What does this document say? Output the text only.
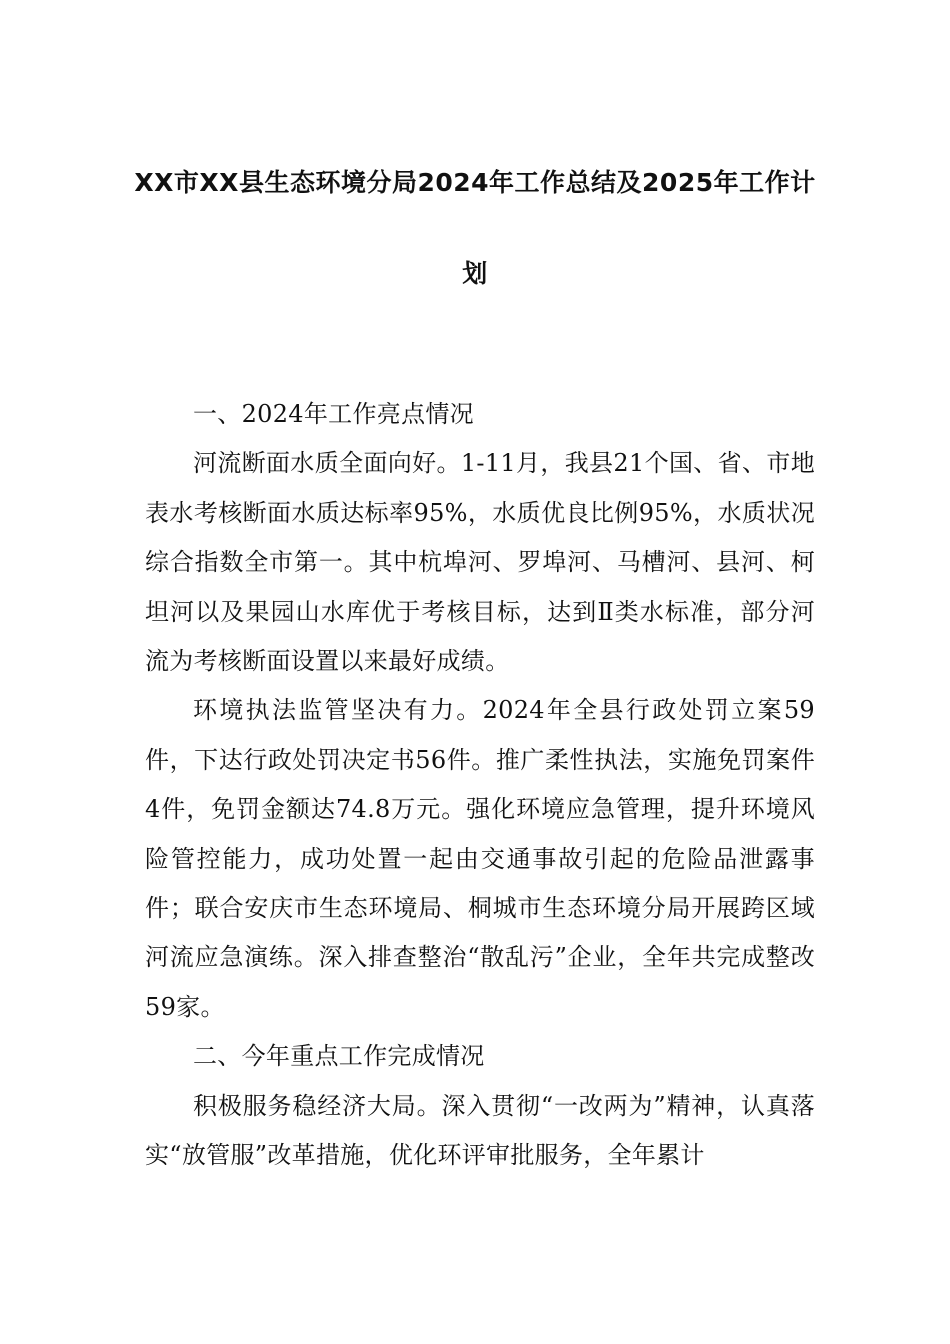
XX市XX县生态环境分局2024年工作总结及2025年工作计
划

一、2024年工作亮点情况

河流断面水质全面向好。1-11月，我县21个国、省、市地表水考核断面水质达标率95%，水质优良比例95%，水质状况综合指数全市第一。其中杭埠河、罗埠河、马槽河、县河、柯坦河以及果园山水库优于考核目标，达到Ⅱ类水标准，部分河流为考核断面设置以来最好成绩。

环境执法监管坚决有力。2024年全县行政处罚立案59件，下达行政处罚决定书56件。推广柔性执法，实施免罚案件4件，免罚金额达74.8万元。强化环境应急管理，提升环境风险管控能力，成功处置一起由交通事故引起的危险品泄露事件；联合安庆市生态环境局、桐城市生态环境分局开展跨区域河流应急演练。深入排查整治“散乱污”企业，全年共完成整改59家。

二、今年重点工作完成情况

积极服务稳经济大局。深入贯彻“一改两为”精神，认真落实“放管服”改革措施，优化环评审批服务，全年累计
